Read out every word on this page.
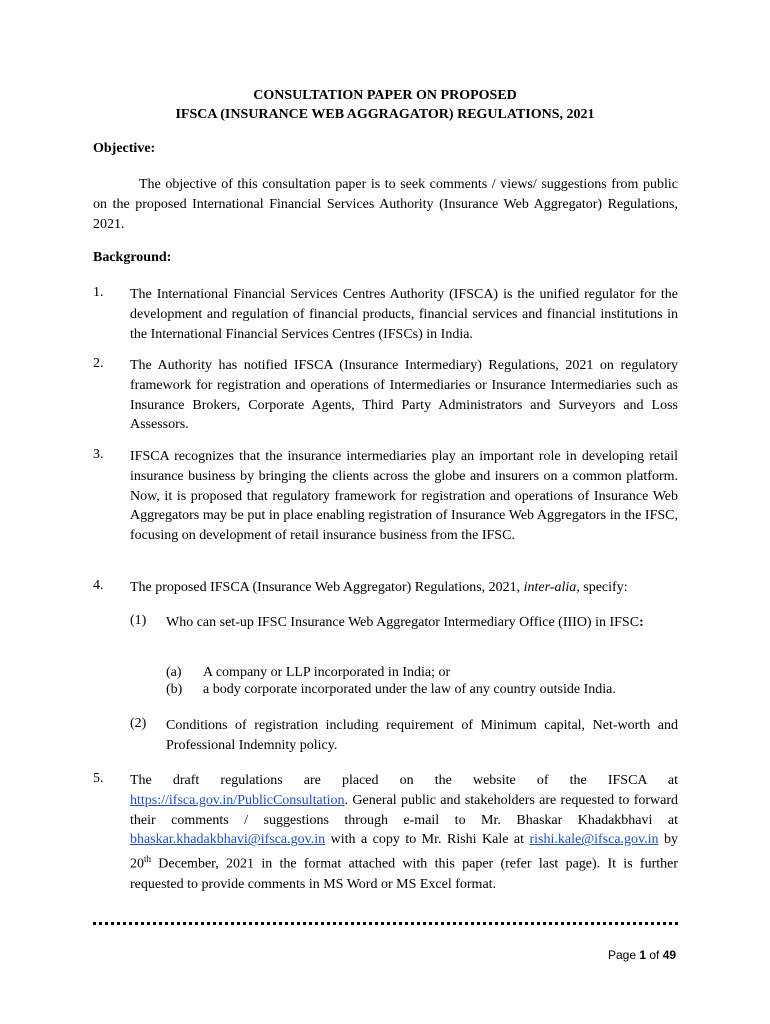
CONSULTATION PAPER ON PROPOSED
IFSCA (INSURANCE WEB AGGRAGATOR) REGULATIONS, 2021
Objective:
The objective of this consultation paper is to seek comments / views/ suggestions from public on the proposed International Financial Services Authority (Insurance Web Aggregator) Regulations, 2021.
Background:
1. The International Financial Services Centres Authority (IFSCA) is the unified regulator for the development and regulation of financial products, financial services and financial institutions in the International Financial Services Centres (IFSCs) in India.
2. The Authority has notified IFSCA (Insurance Intermediary) Regulations, 2021 on regulatory framework for registration and operations of Intermediaries or Insurance Intermediaries such as Insurance Brokers, Corporate Agents, Third Party Administrators and Surveyors and Loss Assessors.
3. IFSCA recognizes that the insurance intermediaries play an important role in developing retail insurance business by bringing the clients across the globe and insurers on a common platform. Now, it is proposed that regulatory framework for registration and operations of Insurance Web Aggregators may be put in place enabling registration of Insurance Web Aggregators in the IFSC, focusing on development of retail insurance business from the IFSC.
4. The proposed IFSCA (Insurance Web Aggregator) Regulations, 2021, inter-alia, specify:
(1) Who can set-up IFSC Insurance Web Aggregator Intermediary Office (IIIO) in IFSC:
(a) A company or LLP incorporated in India; or
(b) a body corporate incorporated under the law of any country outside India.
(2) Conditions of registration including requirement of Minimum capital, Net-worth and Professional Indemnity policy.
5. The draft regulations are placed on the website of the IFSCA at https://ifsca.gov.in/PublicConsultation. General public and stakeholders are requested to forward their comments / suggestions through e-mail to Mr. Bhaskar Khadakbhavi at bhaskar.khadakbhavi@ifsca.gov.in with a copy to Mr. Rishi Kale at rishi.kale@ifsca.gov.in by 20th December, 2021 in the format attached with this paper (refer last page). It is further requested to provide comments in MS Word or MS Excel format.
Page 1 of 49
